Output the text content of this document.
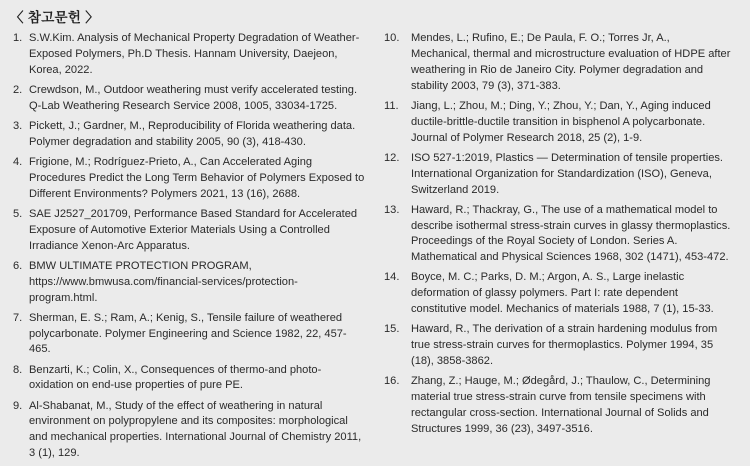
〈 참고문헌 〉
1. S.W.Kim. Analysis of Mechanical Property Degradation of Weather-Exposed Polymers, Ph.D Thesis. Hannam University, Daejeon, Korea, 2022.
2. Crewdson, M., Outdoor weathering must verify accelerated testing. Q-Lab Weathering Research Service 2008, 1005, 33034-1725.
3. Pickett, J.; Gardner, M., Reproducibility of Florida weathering data. Polymer degradation and stability 2005, 90 (3), 418-430.
4. Frigione, M.; Rodríguez-Prieto, A., Can Accelerated Aging Procedures Predict the Long Term Behavior of Polymers Exposed to Different Environments? Polymers 2021, 13 (16), 2688.
5. SAE J2527_201709, Performance Based Standard for Accelerated Exposure of Automotive Exterior Materials Using a Controlled Irradiance Xenon-Arc Apparatus.
6. BMW ULTIMATE PROTECTION PROGRAM, https://www.bmwusa.com/financial-services/protection-program.html.
7. Sherman, E. S.; Ram, A.; Kenig, S., Tensile failure of weathered polycarbonate. Polymer Engineering and Science 1982, 22, 457-465.
8. Benzarti, K.; Colin, X., Consequences of thermo-and photo-oxidation on end-use properties of pure PE.
9. Al-Shabanat, M., Study of the effect of weathering in natural environment on polypropylene and its composites: morphological and mechanical properties. International Journal of Chemistry 2011, 3 (1), 129.
10.	Mendes, L.; Rufino, E.; De Paula, F. O.; Torres Jr, A., Mechanical, thermal and microstructure evaluation of HDPE after weathering in Rio de Janeiro City. Polymer degradation and stability 2003, 79 (3), 371-383.
11.	Jiang, L.; Zhou, M.; Ding, Y.; Zhou, Y.; Dan, Y., Aging induced ductile-brittle-ductile transition in bisphenol A polycarbonate. Journal of Polymer Research 2018, 25 (2), 1-9.
12.	ISO 527-1:2019, Plastics — Determination of tensile properties. International Organization for Standardization (ISO), Geneva, Switzerland 2019.
13.	Haward, R.; Thackray, G., The use of a mathematical model to describe isothermal stress-strain curves in glassy thermoplastics. Proceedings of the Royal Society of London. Series A. Mathematical and Physical Sciences 1968, 302 (1471), 453-472.
14.	Boyce, M. C.; Parks, D. M.; Argon, A. S., Large inelastic deformation of glassy polymers. Part I: rate dependent constitutive model. Mechanics of materials 1988, 7 (1), 15-33.
15.	Haward, R., The derivation of a strain hardening modulus from true stress-strain curves for thermoplastics. Polymer 1994, 35 (18), 3858-3862.
16.	Zhang, Z.; Hauge, M.; Ødegård, J.; Thaulow, C., Determining material true stress-strain curve from tensile specimens with rectangular cross-section. International Journal of Solids and Structures 1999, 36 (23), 3497-3516.
